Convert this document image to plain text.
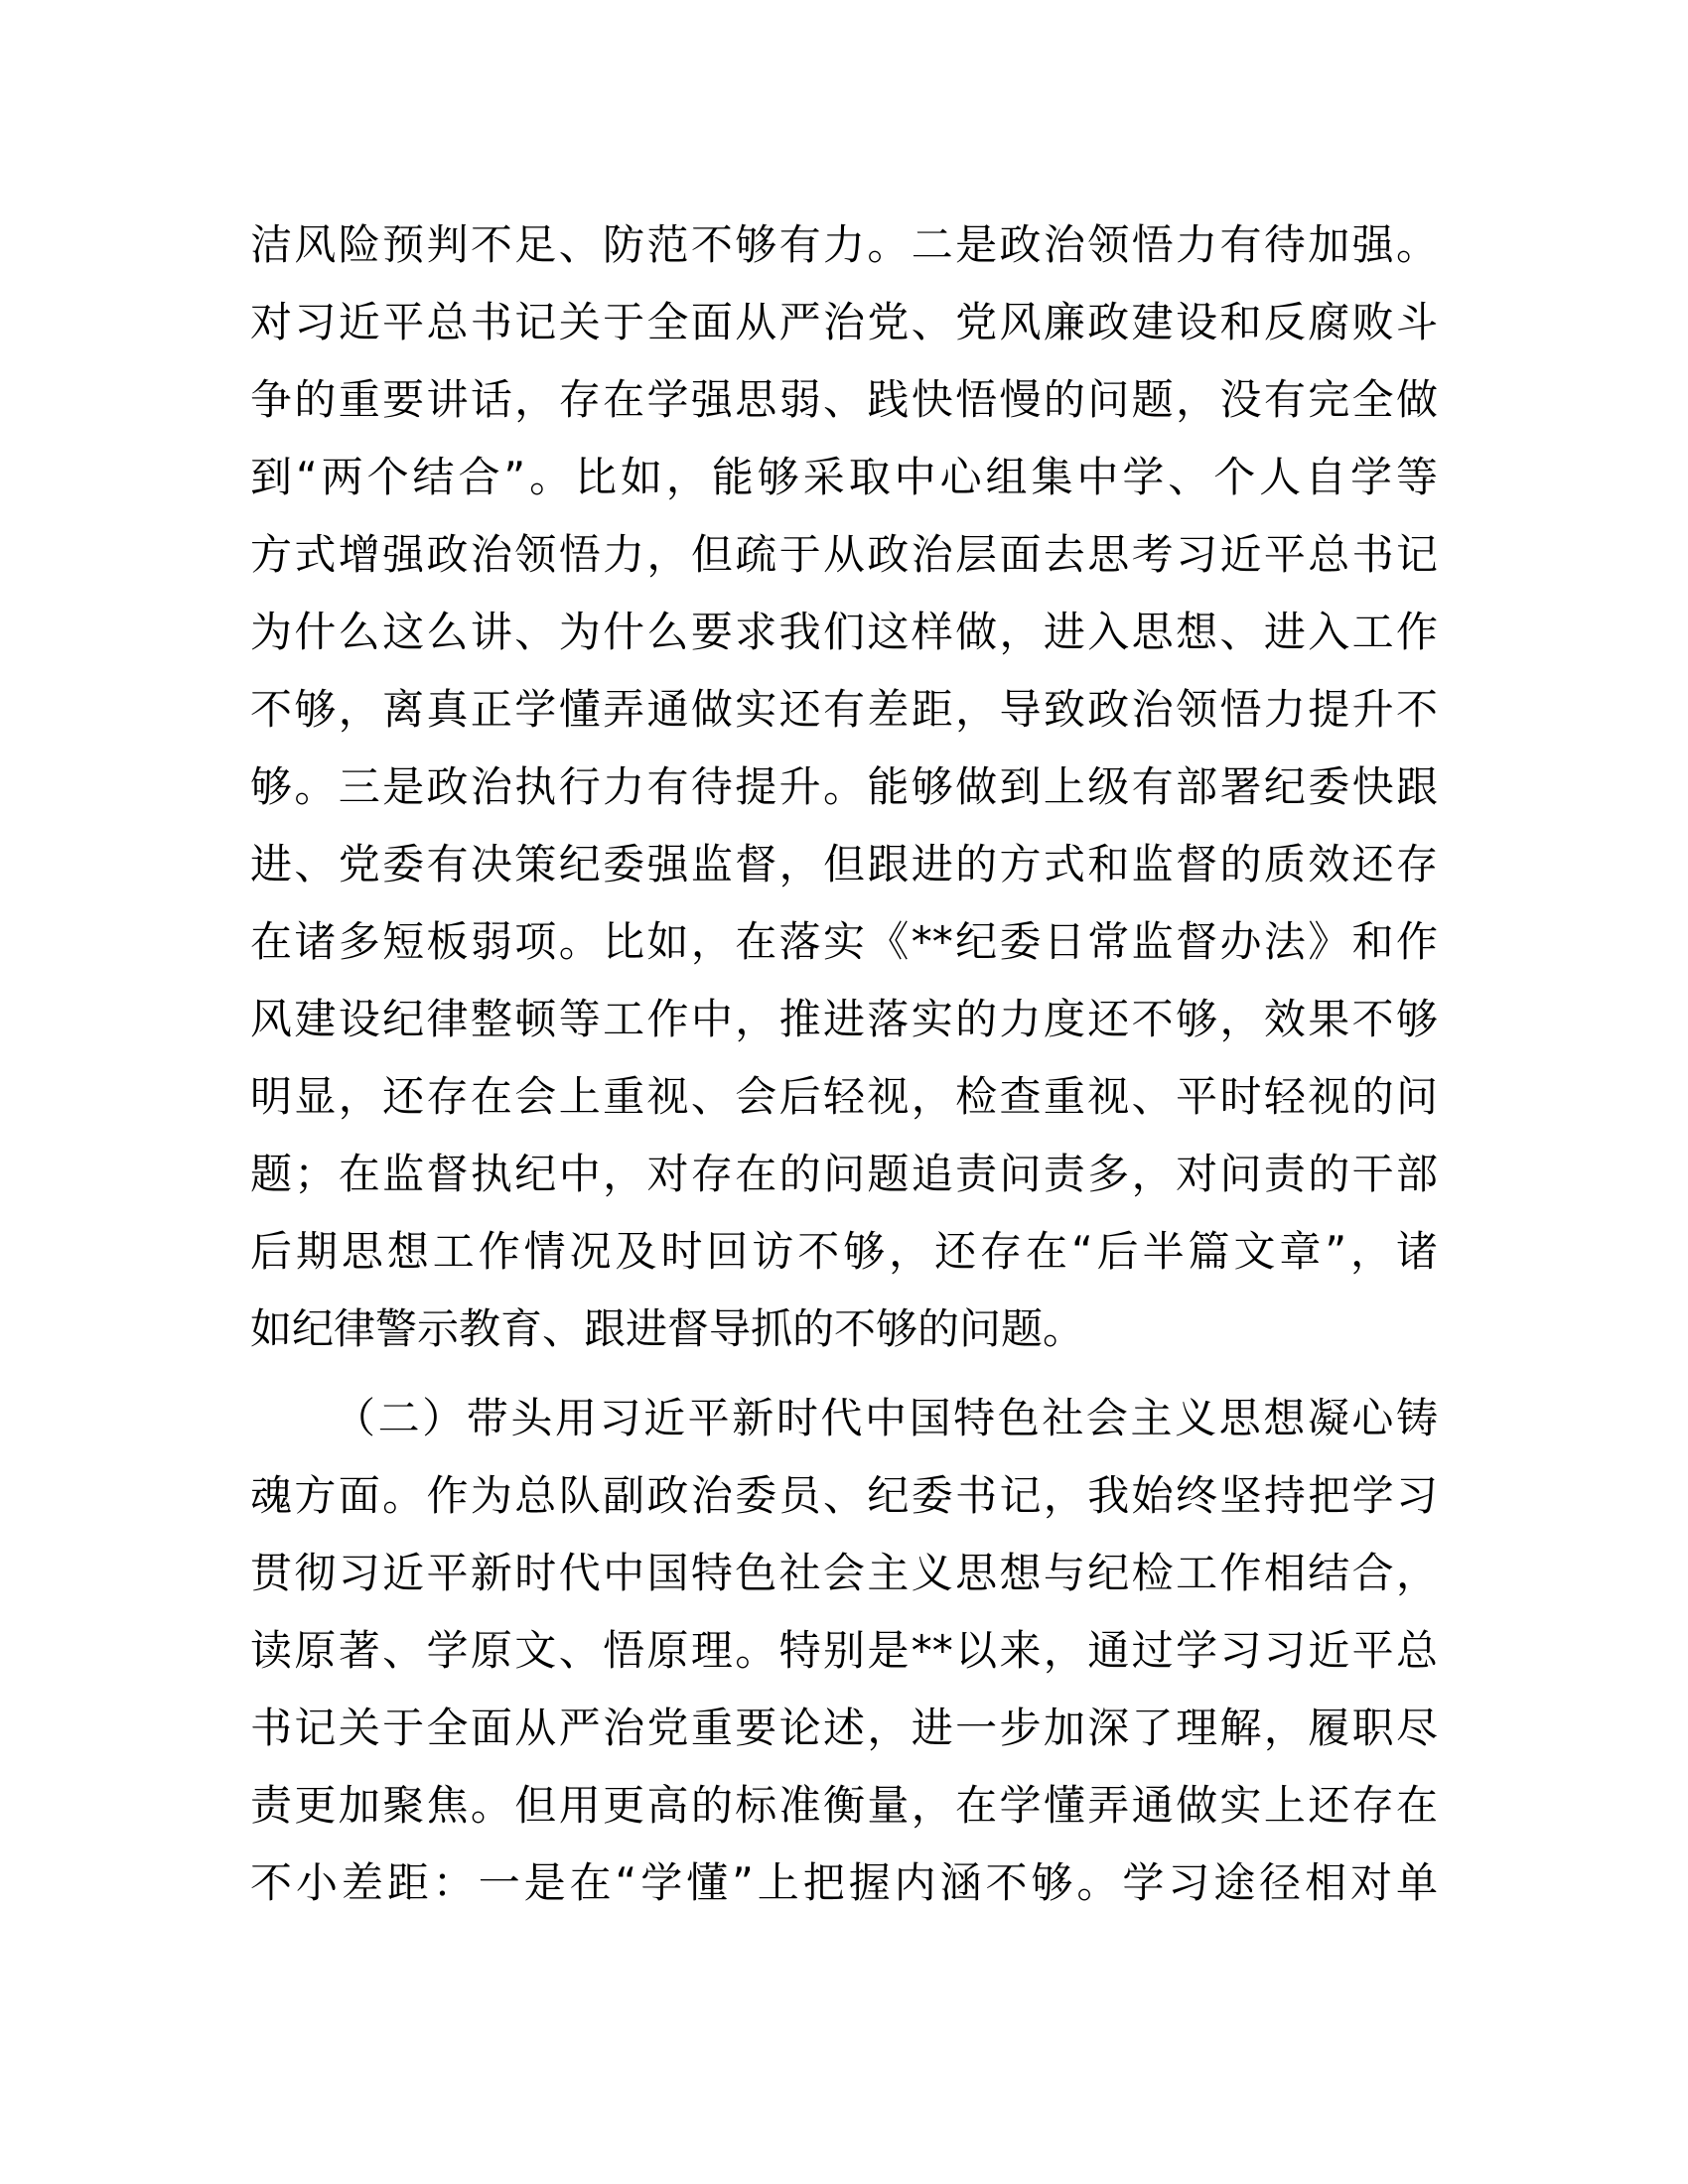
洁风险预判不足、防范不够有力。二是政治领悟力有待加强。
对习近平总书记关于全面从严治党、党风廉政建设和反腐败斗
争的重要讲话，存在学强思弱、践快悟慢的问题，没有完全做
到“两个结合”。比如，能够采取中心组集中学、个人自学等
方式增强政治领悟力，但疏于从政治层面去思考习近平总书记
为什么这么讲、为什么要求我们这样做，进入思想、进入工作
不够，离真正学懂弄通做实还有差距，导致政治领悟力提升不
够。三是政治执行力有待提升。能够做到上级有部署纪委快跟
进、党委有决策纪委强监督，但跟进的方式和监督的质效还存
在诸多短板弱项。比如，在落实《**纪委日常监督办法》和作
风建设纪律整顿等工作中，推进落实的力度还不够，效果不够
明显，还存在会上重视、会后轻视，检查重视、平时轻视的问
题；在监督执纪中，对存在的问题追责问责多，对问责的干部
后期思想工作情况及时回访不够，还存在“后半篇文章”，诸
如纪律警示教育、跟进督导抓的不够的问题。

（二）带头用习近平新时代中国特色社会主义思想凝心铸
魂方面。作为总队副政治委员、纪委书记，我始终坚持把学习
贯彻习近平新时代中国特色社会主义思想与纪检工作相结合，
读原著、学原文、悟原理。特别是**以来，通过学习习近平总
书记关于全面从严治党重要论述，进一步加深了理解，履职尽
责更加聚焦。但用更高的标准衡量，在学懂弄通做实上还存在
不小差距：一是在“学懂”上把握内涵不够。学习途径相对单
